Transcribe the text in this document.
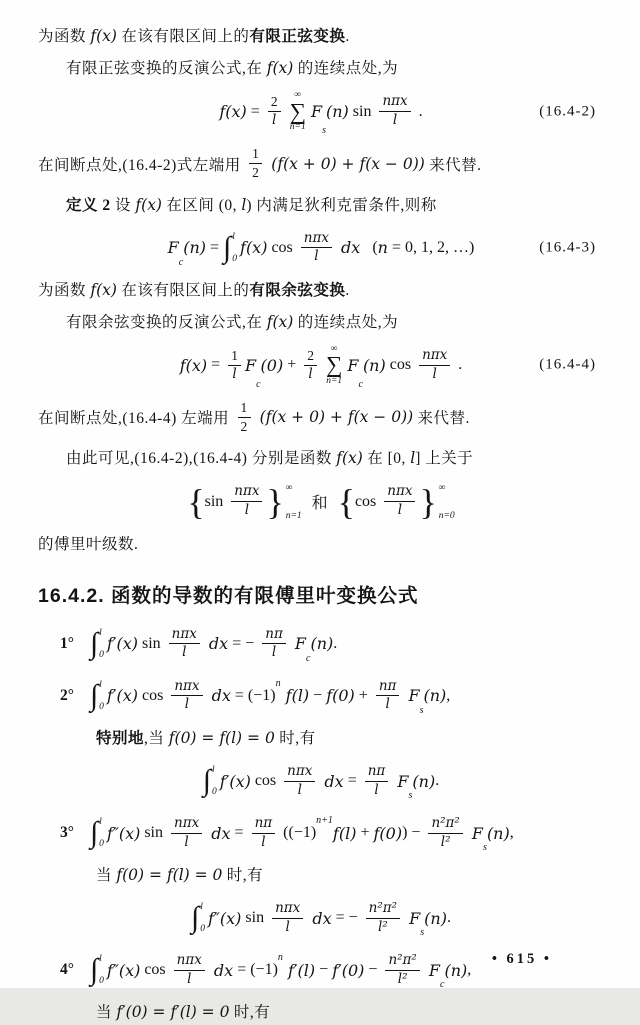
为函数 f(x) 在该有限区间上的有限正弦变换.
有限正弦变换的反演公式,在 f(x) 的连续点处,为
$f(x) = \frac{2}{l}$ ∞
∑
n=1
F
s
(n) $\sin \frac{\text{nπx}}{l}$ .	(16.4-2)
在间断点处,(16.4-2)式左端用 $\frac{1}{2} (f(x + 0) + f(x - 0))$ 来代替.
定义 2 设 f(x) 在区间 (0, l) 内满足狄利克雷条件,则称
F
c
(n) = ∫ l
0
f(x) $\cos \frac{\text{nπx}}{l}$ dx ( n = 0, 1, 2, …)	(16.4-3)
为函数 f(x) 在该有限区间上的有限余弦变换.
有限余弦变换的反演公式,在 f(x) 的连续点处,为
$f(x) = \frac{1}{l}$ F
c
$(0) + \frac{2}{l}$ ∞
∑
n=1
F
c
(n) $\cos \frac{\text{nπx}}{l}$ .	(16.4-4)
在间断点处,(16.4-4) 左端用 $\frac{1}{2} (f(x + 0) + f(x - 0))$ 来代替.
由此可见,(16.4-2),(16.4-4) 分别是函数 f(x) 在 [0, l] 上关于
{ $\sin \frac{\text{nπx}}{l}$ } ∞
n=1
和 { $\cos \frac{\text{nπx}}{l}$ } ∞
n=0
的傅里叶级数.
16.4.2. 函数的导数的有限傅里叶变换公式
1° ∫ l
0
f′(x) $\sin \frac{\text{nπx}}{l}$ dx = − $\frac{n\pi}{l}$ F
c
(n) .
2° ∫ l
0
f′(x) $\cos \frac{\text{nπx}}{l}$ dx = (−1)
n
$f(l) - f(0) + \frac{n\pi}{l}$ F
s
(n) ,
特别地,当 f(0) = f(l) = 0 时,有
∫ l
0
f′(x) $\cos \frac{\text{nπx}}{l}$ dx = $\frac{n\pi}{l}$ F
s
(n) .
3° ∫ l
0
f″(x) $\sin \frac{\text{nπx}}{l}$ dx = $\frac{n\pi}{l} ((-1)$
n+1
f(l) + f(0) ) − $\frac{\text{n²π²}}{\text{l²}}$ F
s
(n) ,
当 f(0) = f(l) = 0 时,有
∫ l
0
f″(x) $\sin \frac{\text{nπx}}{l}$ dx = − $\frac{\text{n²π²}}{\text{l²}}$ F
s
(n) .
4° ∫ l
0
f″(x) $\cos \frac{\text{nπx}}{l}$ dx = (−1)
n
$f'(l) - f'(0) - \frac{\text{n²π²}}{\text{l²}}$ F
c
(n) ,
当 f′(0) = f′(l) = 0 时,有
• 615 •
